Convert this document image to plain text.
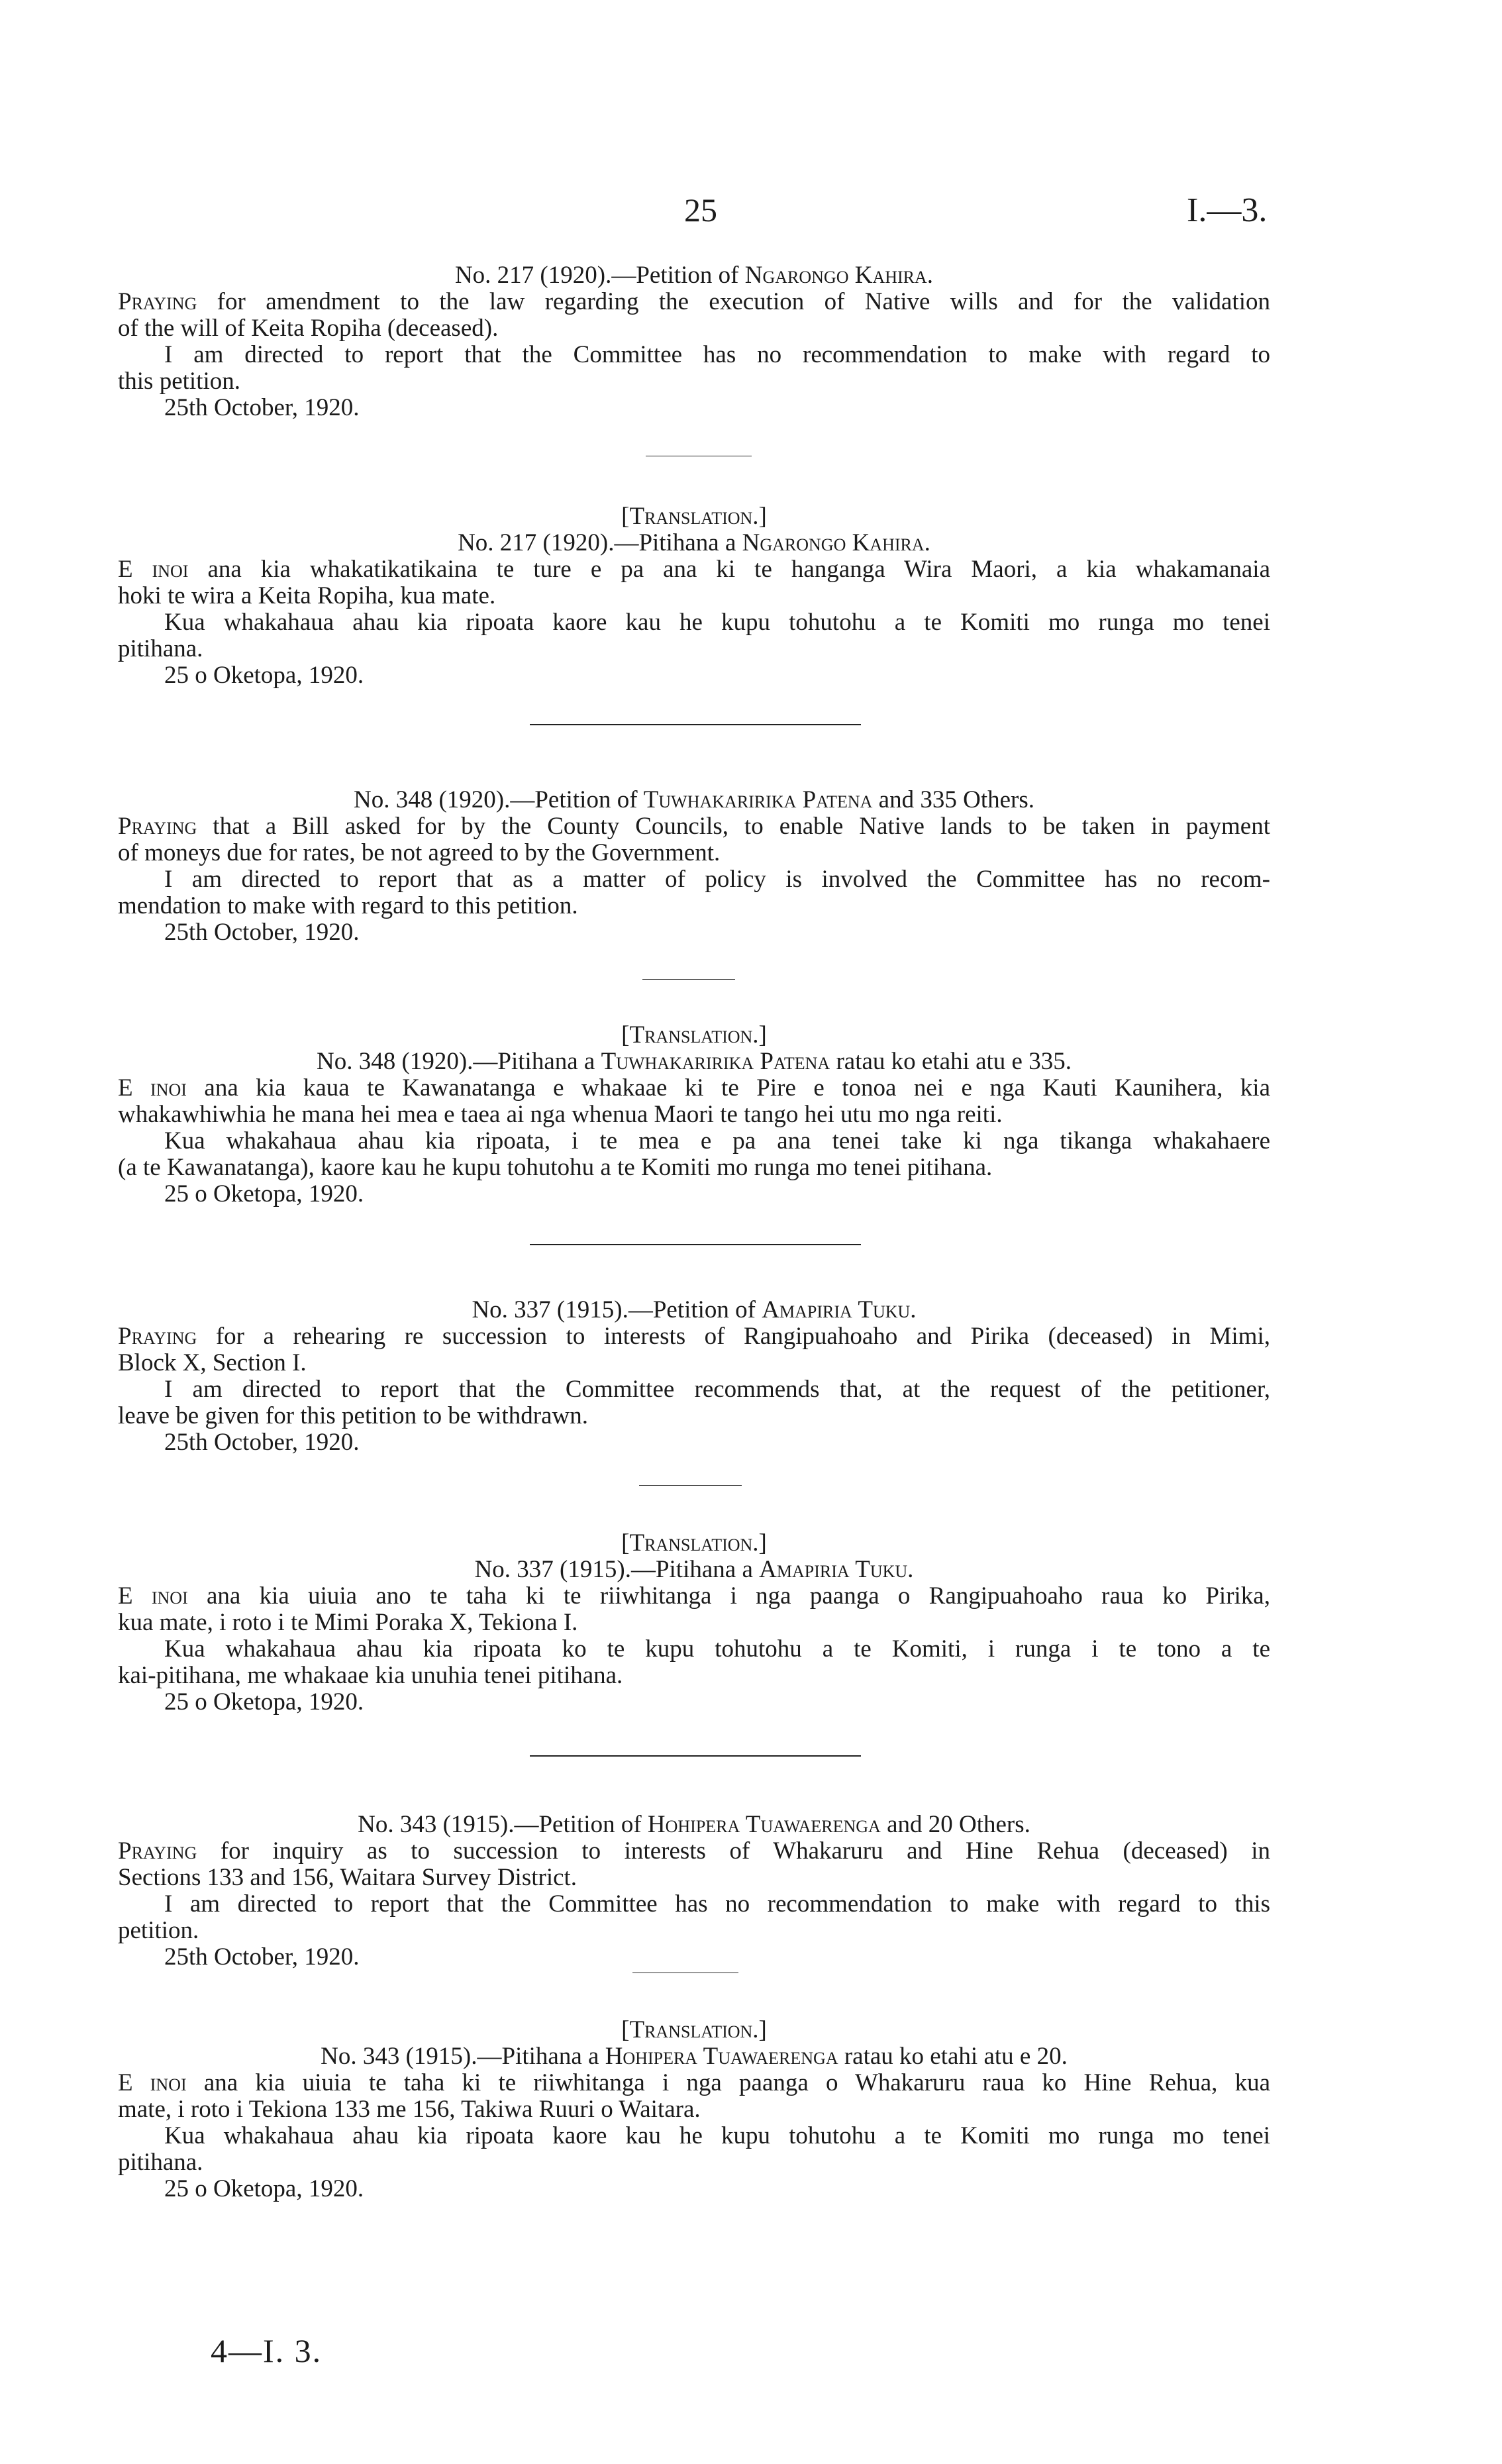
25	I.—3.
No. 217 (1920).—Petition of Ngarongo Kahira.
Praying for amendment to the law regarding the execution of Native wills and for the validation
of the will of Keita Ropiha (deceased).
I am directed to report that the Committee has no recommendation to make with regard to
this petition.
25th October, 1920.
[Translation.]
No. 217 (1920).—Pitihana a Ngarongo Kahira.
E inoi ana kia whakatikatikaina te ture e pa ana ki te hanganga Wira Maori, a kia whakamanaia
hoki te wira a Keita Ropiha, kua mate.
Kua whakahaua ahau kia ripoata kaore kau he kupu tohutohu a te Komiti mo runga mo tenei
pitihana.
25 o Oketopa, 1920.
No. 348 (1920).—Petition of Tuwhakaririka Patena and 335 Others.
Praying that a Bill asked for by the County Councils, to enable Native lands to be taken in payment
of moneys due for rates, be not agreed to by the Government.
I am directed to report that as a matter of policy is involved the Committee has no recom-
mendation to make with regard to this petition.
25th October, 1920.
[Translation.]
No. 348 (1920).—Pitihana a Tuwhakaririka Patena ratau ko etahi atu e 335.
E inoi ana kia kaua te Kawanatanga e whakaae ki te Pire e tonoa nei e nga Kauti Kaunihera, kia
whakawhiwhia he mana hei mea e taea ai nga whenua Maori te tango hei utu mo nga reiti.
Kua whakahaua ahau kia ripoata, i te mea e pa ana tenei take ki nga tikanga whakahaere
(a te Kawanatanga), kaore kau he kupu tohutohu a te Komiti mo runga mo tenei pitihana.
25 o Oketopa, 1920.
No. 337 (1915).—Petition of Amapiria Tuku.
Praying for a rehearing re succession to interests of Rangipuahoaho and Pirika (deceased) in Mimi,
Block X, Section I.
I am directed to report that the Committee recommends that, at the request of the petitioner,
leave be given for this petition to be withdrawn.
25th October, 1920.
[Translation.]
No. 337 (1915).—Pitihana a Amapiria Tuku.
E inoi ana kia uiuia ano te taha ki te riiwhitanga i nga paanga o Rangipuahoaho raua ko Pirika,
kua mate, i roto i te Mimi Poraka X, Tekiona I.
Kua whakahaua ahau kia ripoata ko te kupu tohutohu a te Komiti, i runga i te tono a te
kai-pitihana, me whakaae kia unuhia tenei pitihana.
25 o Oketopa, 1920.
No. 343 (1915).—Petition of Hohipera Tuawaerenga and 20 Others.
Praying for inquiry as to succession to interests of Whakaruru and Hine Rehua (deceased) in
Sections 133 and 156, Waitara Survey District.
I am directed to report that the Committee has no recommendation to make with regard to this
petition.
25th October, 1920.
[Translation.]
No. 343 (1915).—Pitihana a Hohipera Tuawaerenga ratau ko etahi atu e 20.
E inoi ana kia uiuia te taha ki te riiwhitanga i nga paanga o Whakaruru raua ko Hine Rehua, kua
mate, i roto i Tekiona 133 me 156, Takiwa Ruuri o Waitara.
Kua whakahaua ahau kia ripoata kaore kau he kupu tohutohu a te Komiti mo runga mo tenei
pitihana.
25 o Oketopa, 1920.
4—I. 3.
